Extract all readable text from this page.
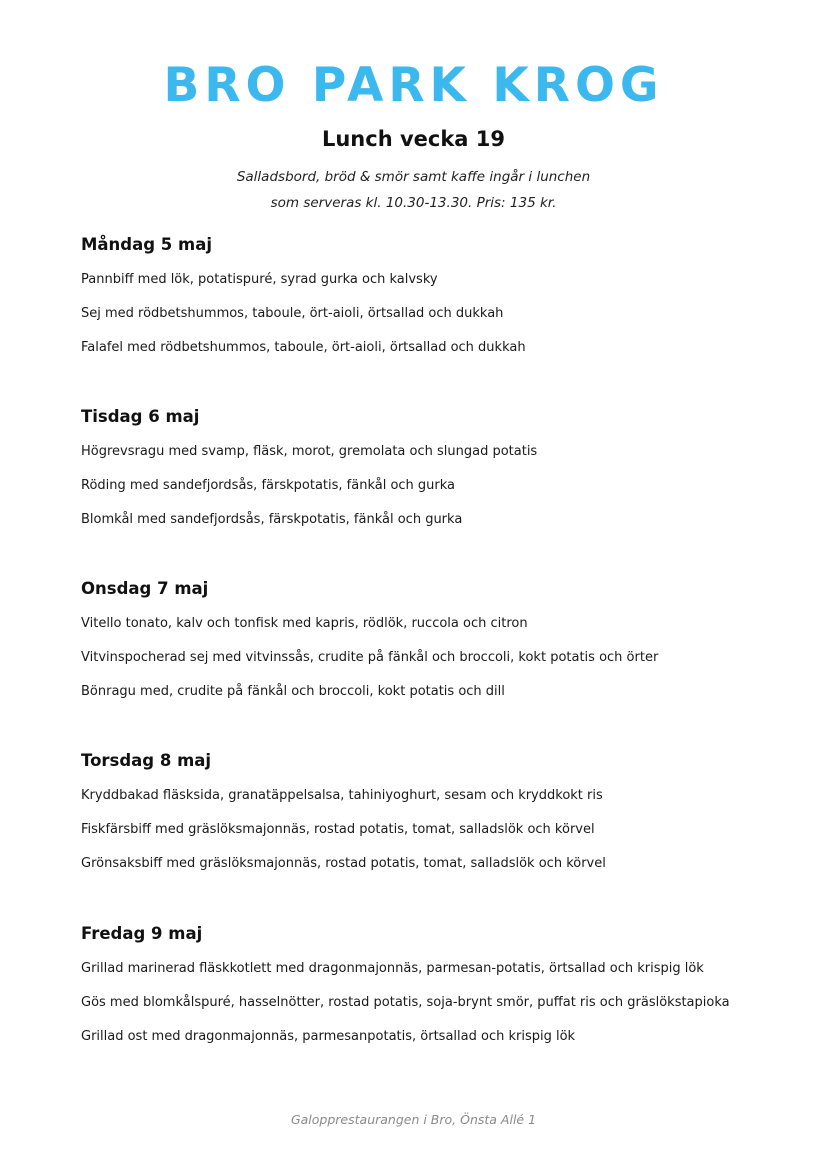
BRO PARK KROG
Lunch vecka 19
Salladsbord, bröd & smör samt kaffe ingår i lunchen
som serveras kl. 10.30-13.30. Pris: 135 kr.
Måndag 5 maj
Pannbiff med lök, potatispuré, syrad gurka och kalvsky
Sej med rödbetshummos, taboule, ört-aioli, örtsallad och dukkah
Falafel med rödbetshummos, taboule, ört-aioli, örtsallad och dukkah
Tisdag 6 maj
Högrevsragu med svamp, fläsk, morot, gremolata och slungad potatis
Röding med sandefjordsås, färskpotatis, fänkål och gurka
Blomkål med sandefjordsås, färskpotatis, fänkål och gurka
Onsdag 7 maj
Vitello tonato, kalv och tonfisk med kapris, rödlök, ruccola och citron
Vitvinspocherad sej med vitvinssås, crudite på fänkål och broccoli, kokt potatis och örter
Bönragu med, crudite på fänkål och broccoli, kokt potatis och dill
Torsdag 8 maj
Kryddbakad fläsksida, granatäppelsalsa, tahiniyoghurt, sesam och kryddkokt ris
Fiskfärsbiff med gräslöksmajonnäs, rostad potatis, tomat, salladslök och körvel
Grönsaksbiff med gräslöksmajonnäs, rostad potatis, tomat, salladslök och körvel
Fredag 9 maj
Grillad marinerad fläskkotlett med dragonmajonnäs, parmesan-potatis, örtsallad och krispig lök
Gös med blomkålspuré, hasselnötter, rostad potatis, soja-brynt smör, puffat ris och gräslökstapioka
Grillad ost med dragonmajonnäs, parmesanpotatis, örtsallad och krispig lök
Galopprestaurangen i Bro, Önsta Allé 1
